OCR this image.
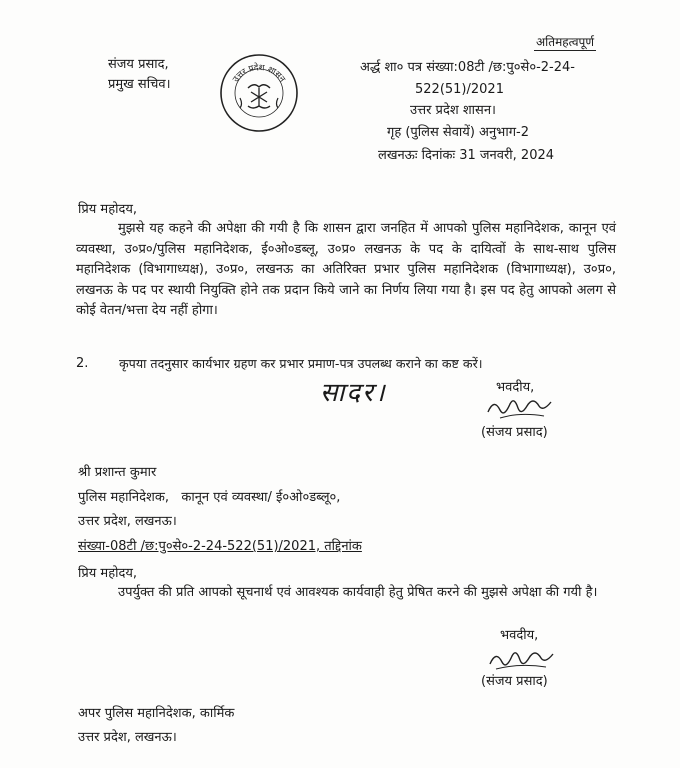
अतिमहत्वपूर्ण
संजय प्रसाद,
प्रमुख सचिव।	उत्तर प्रदेश शासन
अर्द्ध शा० पत्र संख्या:08टी /छ:पु०से०-2-24-
522(51)/2021
उत्तर प्रदेश शासन।
गृह (पुलिस सेवायें) अनुभाग-2
लखनऊः दिनांकः 31 जनवरी, 2024
प्रिय महोदय,
मुझसे यह कहने की अपेक्षा की गयी है कि शासन द्वारा जनहित में आपको पुलिस महानिदेशक, कानून एवं व्यवस्था, उ०प्र०/पुलिस महानिदेशक, ई०ओ०डब्लू, उ०प्र० लखनऊ के पद के दायित्वों के साथ-साथ पुलिस महानिदेशक (विभागाध्यक्ष), उ०प्र०, लखनऊ का अतिरिक्त प्रभार पुलिस महानिदेशक (विभागाध्यक्ष), उ०प्र०, लखनऊ के पद पर स्थायी नियुक्ति होने तक प्रदान किये जाने का निर्णय लिया गया है। इस पद हेतु आपको अलग से कोई वेतन/भत्ता देय नहीं होगा।
2. कृपया तदनुसार कार्यभार ग्रहण कर प्रभार प्रमाण-पत्र उपलब्ध कराने का कष्ट करें।
सादर।	भवदीय,
(संजय प्रसाद)
श्री प्रशान्त कुमार
पुलिस महानिदेशक,   कानून एवं व्यवस्था/ ई०ओ०डब्लू०,
उत्तर प्रदेश, लखनऊ।
संख्या-08टी /छ:पु०से०-2-24-522(51)/2021, तद्दिनांक
प्रिय महोदय,
उपर्युक्त की प्रति आपको सूचनार्थ एवं आवश्यक कार्यवाही हेतु प्रेषित करने की मुझसे अपेक्षा की गयी है।
भवदीय,
(संजय प्रसाद)
अपर पुलिस महानिदेशक, कार्मिक
उत्तर प्रदेश, लखनऊ।
